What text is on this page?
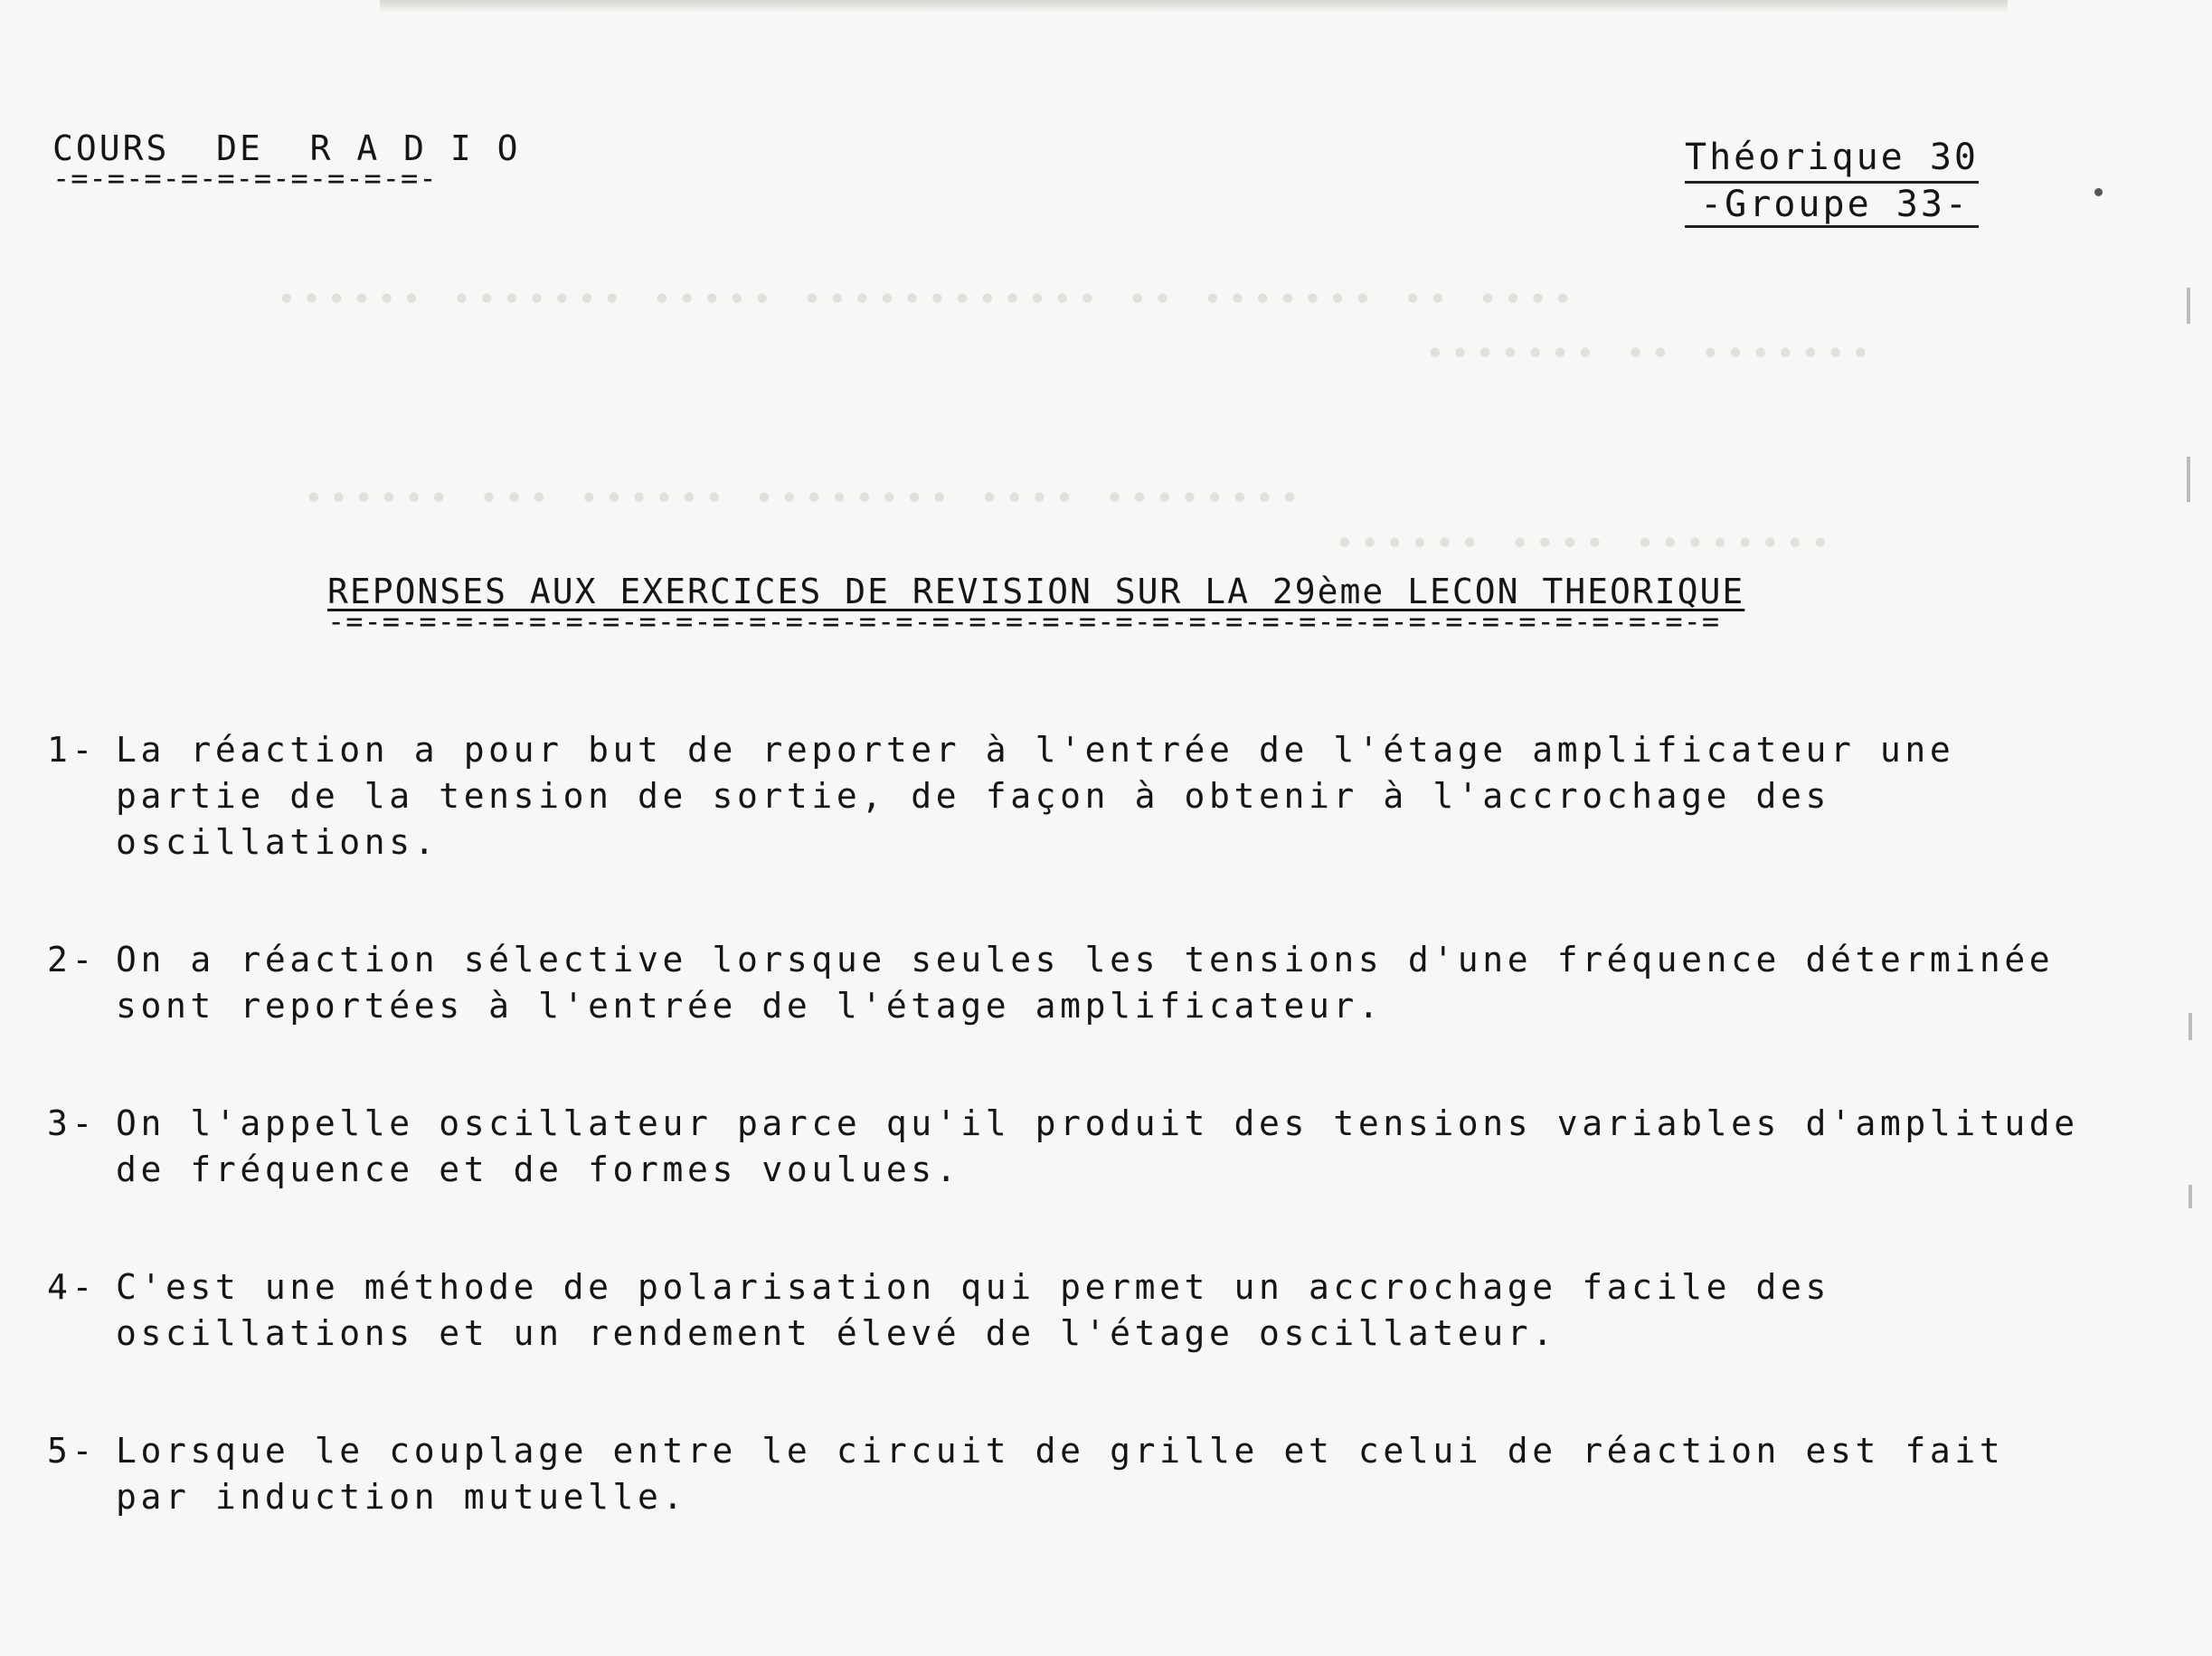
∙∙∙∙ ∙∙ ∙∙∙∙∙∙∙ ∙∙ ∙∙∙∙∙∙∙∙∙∙∙∙ ∙∙∙∙∙ ∙∙∙∙∙∙∙ ∙∙∙∙∙∙
∙∙∙∙∙∙∙ ∙∙ ∙∙∙∙∙∙∙
∙∙∙∙∙∙∙∙ ∙∙∙∙ ∙∙∙∙∙∙∙∙ ∙∙∙∙∙∙ ∙∙∙ ∙∙∙∙∙∙
∙∙∙∙∙∙∙∙ ∙∙∙∙ ∙∙∙∙∙∙
COURS  DE  R A D I O
-=-=-=-=-=-=-=-=-=-=-	Théorique 30
-Groupe 33-
REPONSES AUX EXERCICES DE REVISION SUR LA 29ème LECON THEORIQUE
-=-=-=-=-=-=-=-=-=-=-=-=-=-=-=-=-=-=-=-=-=-=-=-=-=-=-=-=-=-=-=-=-=-=-=-=-=-=
1- La réaction a pour but de reporter à l'entrée de l'étage amplificateur une partie de la tension de sortie, de façon à obtenir à l'accrochage des oscillations.
2- On a réaction sélective lorsque seules les tensions d'une fréquence déterminée sont reportées à l'entrée de l'étage amplificateur.
3- On l'appelle oscillateur parce qu'il produit des tensions variables d'amplitude de fréquence et de formes voulues.
4- C'est une méthode de polarisation qui permet un accrochage facile des oscillations et un rendement élevé de l'étage oscillateur.
5- Lorsque le couplage entre le circuit de grille et celui de réaction est fait par induction mutuelle.
